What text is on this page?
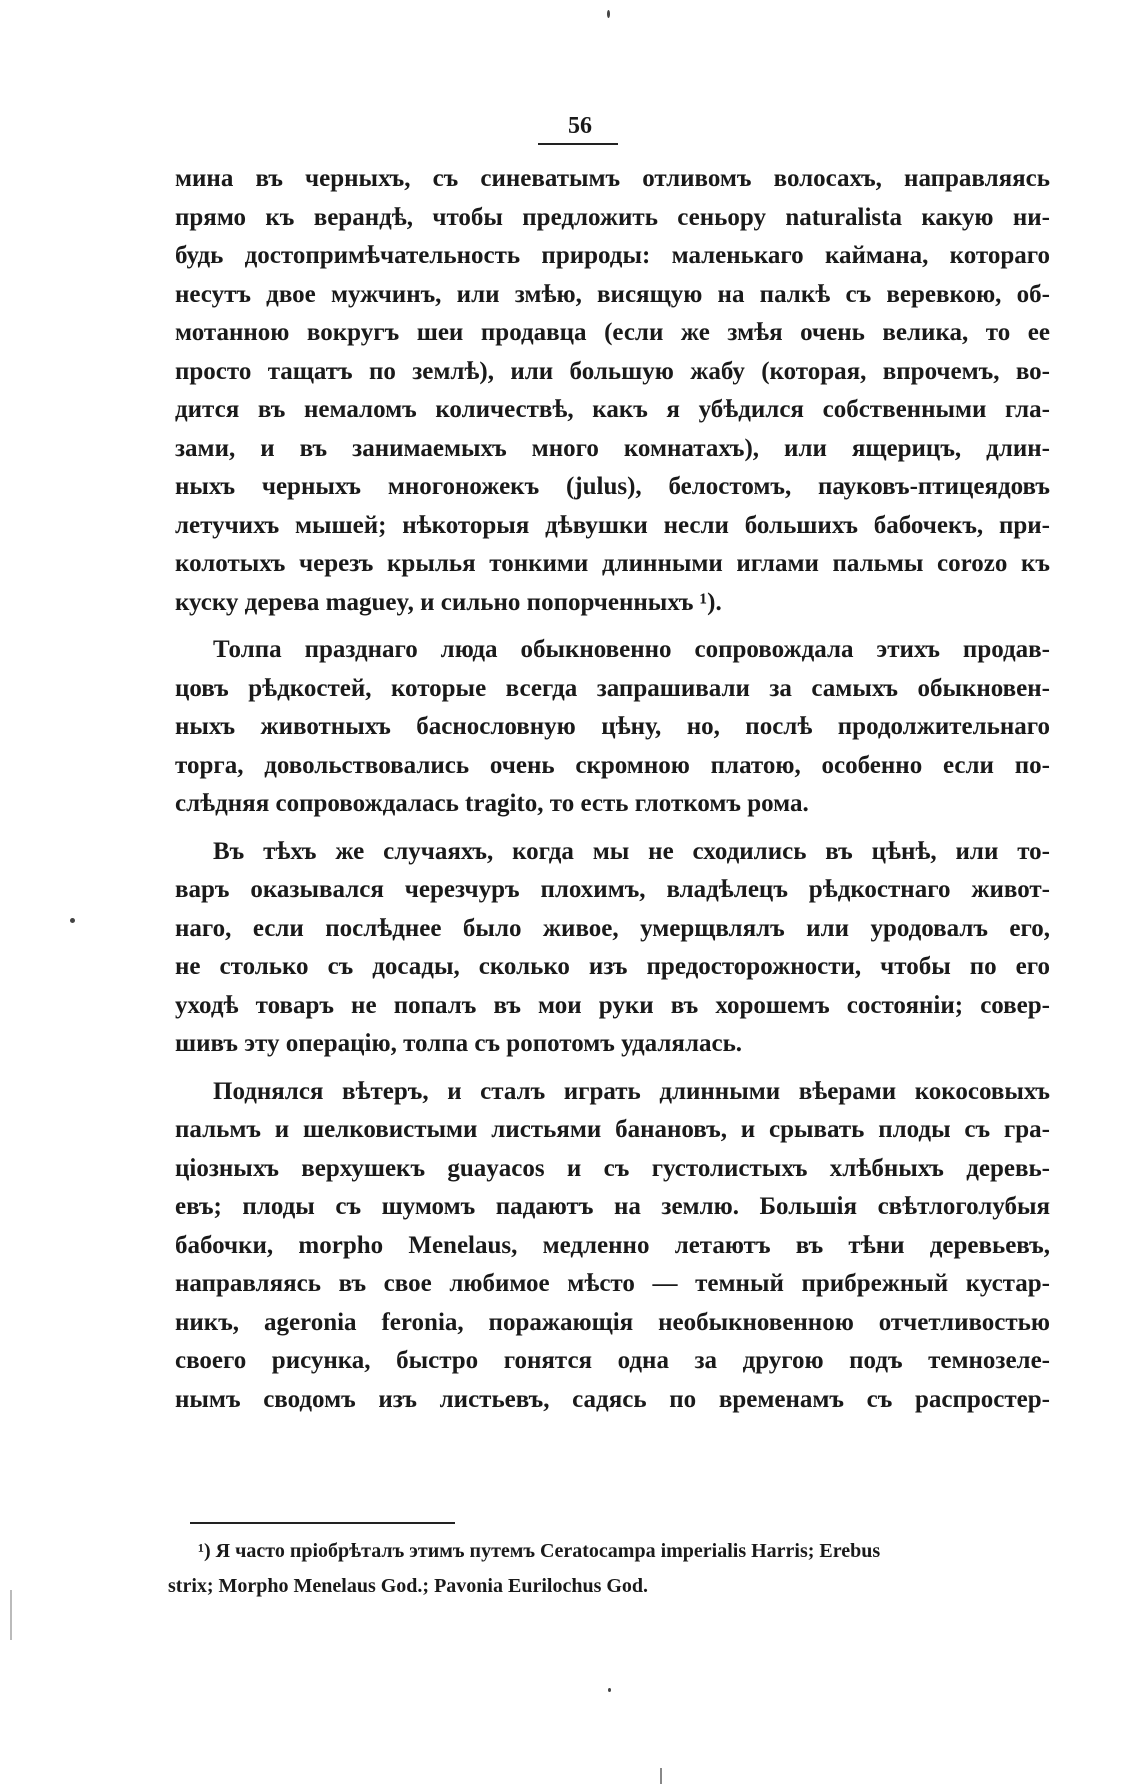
56
мина въ черныхъ, съ синеватымъ отливомъ волосахъ, направляясь
прямо къ верандѣ, чтобы предложить сеньору naturalista какую ни-
будь достопримѣчательность природы: маленькаго каймана, котораго
несутъ двое мужчинъ, или змѣю, висящую на палкѣ съ веревкою, об-
мотанною вокругъ шеи продавца (если же змѣя очень велика, то ее
просто тащатъ по землѣ), или большую жабу (которая, впрочемъ, во-
дится въ немаломъ количествѣ, какъ я убѣдился собственными гла-
зами, и въ занимаемыхъ много комнатахъ), или ящерицъ, длин-
ныхъ черныхъ многоножекъ (julus), белостомъ, пауковъ-птицеядовъ
летучихъ мышей; нѣкоторыя дѣвушки несли большихъ бабочекъ, при-
колотыхъ черезъ крылья тонкими длинными иглами пальмы corozo къ
куску дерева maguey, и сильно попорченныхъ ¹).
Толпа празднаго люда обыкновенно сопровождала этихъ продав-
цовъ рѣдкостей, которые всегда запрашивали за самыхъ обыкновен-
ныхъ животныхъ баснословную цѣну, но, послѣ продолжительнаго
торга, довольствовались очень скромною платою, особенно если по-
слѣдняя сопровождалась tragito, то есть глоткомъ рома.
Въ тѣхъ же случаяхъ, когда мы не сходились въ цѣнѣ, или то-
варъ оказывался черезчуръ плохимъ, владѣлецъ рѣдкостнаго живот-
наго, если послѣднее было живое, умерщвлялъ или уродовалъ его,
не столько съ досады, сколько изъ предосторожности, чтобы по его
уходѣ товаръ не попалъ въ мои руки въ хорошемъ состояніи; совер-
шивъ эту операцію, толпа съ ропотомъ удалялась.
Поднялся вѣтеръ, и сталъ играть длинными вѣерами кокосовыхъ
пальмъ и шелковистыми листьями банановъ, и срывать плоды съ гра-
ціозныхъ верхушекъ guayacos и съ густолистыхъ хлѣбныхъ деревь-
евъ; плоды съ шумомъ падаютъ на землю. Большія свѣтлоголубыя
бабочки, morpho Menelaus, медленно летаютъ въ тѣни деревьевъ,
направляясь въ свое любимое мѣсто — темный прибрежный кустар-
никъ, ageronia feronia, поражающія необыкновенною отчетливостью
своего рисунка, быстро гонятся одна за другою подъ темнозеле-
нымъ сводомъ изъ листьевъ, садясь по временамъ съ распростер-
¹) Я часто пріобрѣталъ этимъ путемъ Ceratocampa imperialis Harris; Erebus
strix; Morpho Menelaus God.; Pavonia Eurilochus God.
